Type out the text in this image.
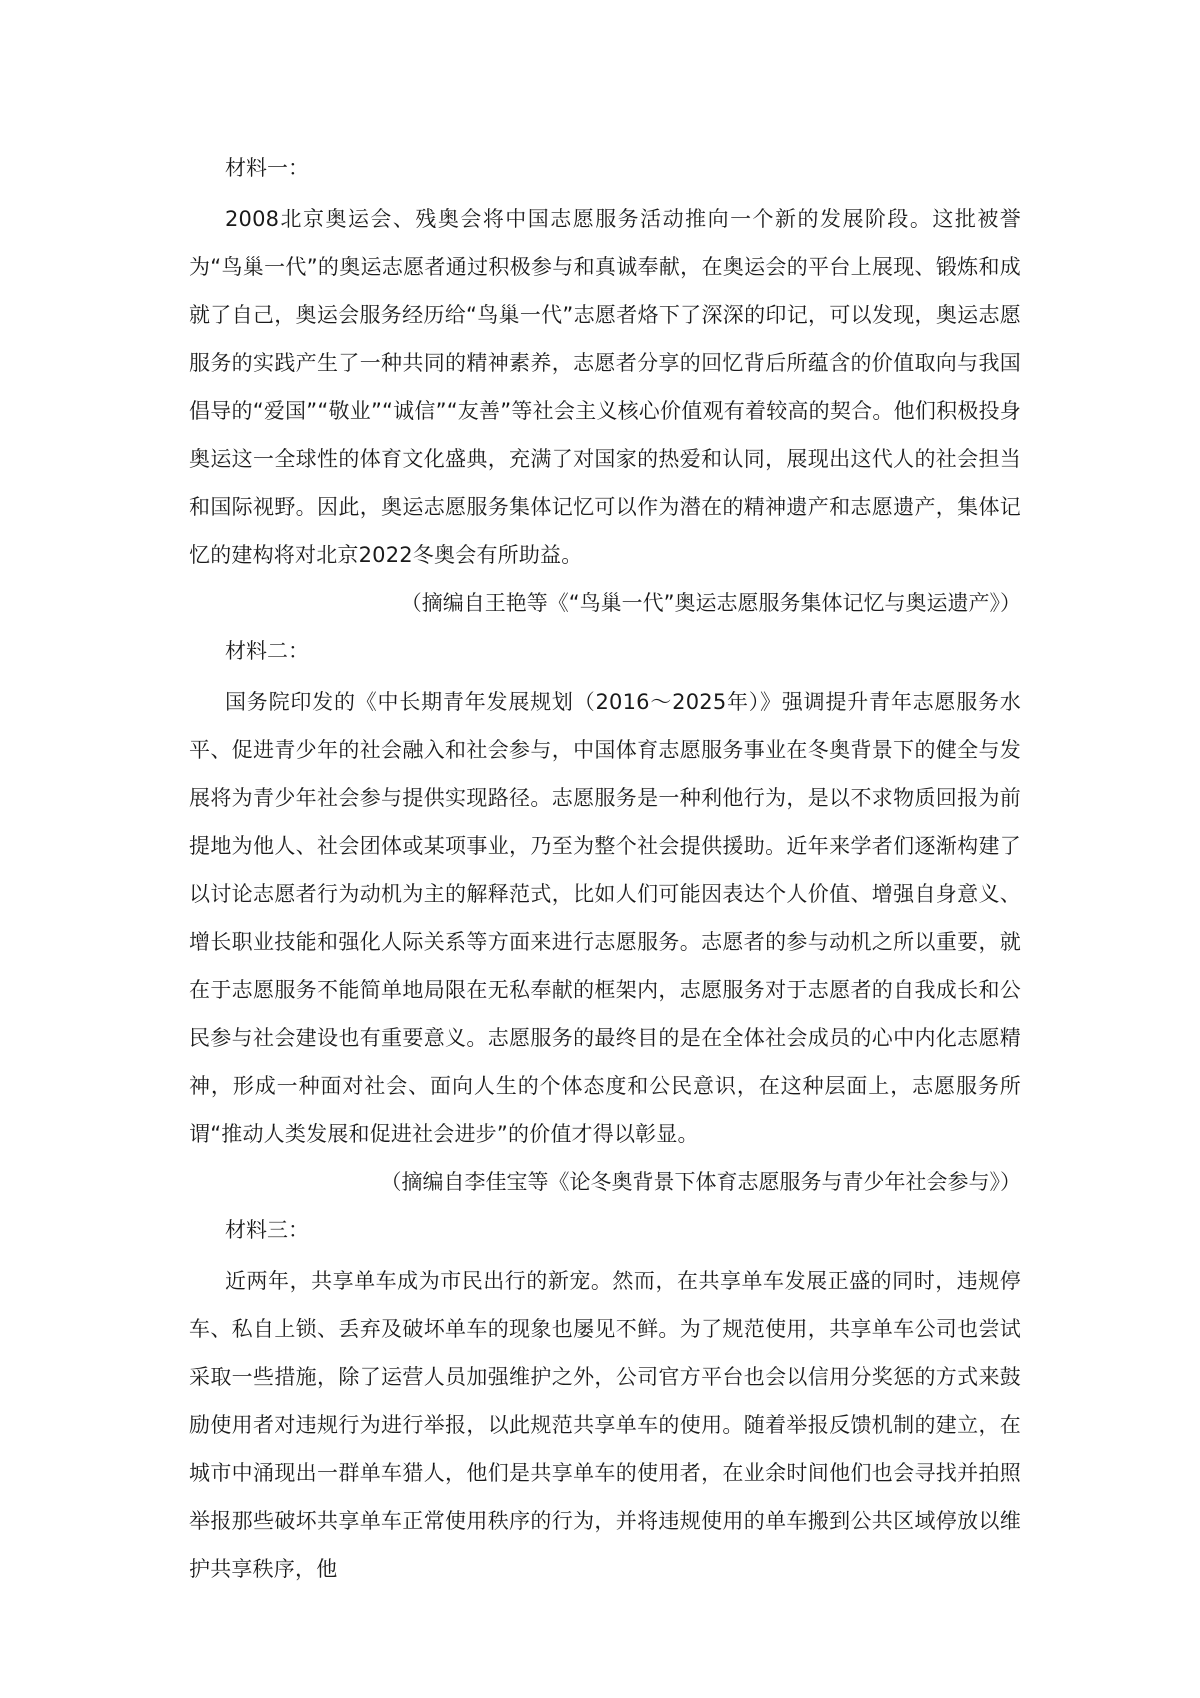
材料一：

2008北京奥运会、残奥会将中国志愿服务活动推向一个新的发展阶段。这批被誉为“鸟巢一代”的奥运志愿者通过积极参与和真诚奉献，在奥运会的平台上展现、锻炼和成就了自己，奥运会服务经历给“鸟巢一代”志愿者烙下了深深的印记，可以发现，奥运志愿服务的实践产生了一种共同的精神素养，志愿者分享的回忆背后所蕴含的价值取向与我国倡导的“爱国”“敬业”“诚信”“友善”等社会主义核心价值观有着较高的契合。他们积极投身奥运这一全球性的体育文化盛典，充满了对国家的热爱和认同，展现出这代人的社会担当和国际视野。因此，奥运志愿服务集体记忆可以作为潜在的精神遗产和志愿遗产，集体记忆的建构将对北京2022冬奥会有所助益。

（摘编自王艳等《“鸟巢一代”奥运志愿服务集体记忆与奥运遗产》）

材料二：

国务院印发的《中长期青年发展规划（2016～2025年）》强调提升青年志愿服务水平、促进青少年的社会融入和社会参与，中国体育志愿服务事业在冬奥背景下的健全与发展将为青少年社会参与提供实现路径。志愿服务是一种利他行为，是以不求物质回报为前提地为他人、社会团体或某项事业，乃至为整个社会提供援助。近年来学者们逐渐构建了以讨论志愿者行为动机为主的解释范式，比如人们可能因表达个人价值、增强自身意义、增长职业技能和强化人际关系等方面来进行志愿服务。志愿者的参与动机之所以重要，就在于志愿服务不能简单地局限在无私奉献的框架内，志愿服务对于志愿者的自我成长和公民参与社会建设也有重要意义。志愿服务的最终目的是在全体社会成员的心中内化志愿精神，形成一种面对社会、面向人生的个体态度和公民意识，在这种层面上，志愿服务所谓“推动人类发展和促进社会进步”的价值才得以彰显。

（摘编自李佳宝等《论冬奥背景下体育志愿服务与青少年社会参与》）

材料三：

近两年，共享单车成为市民出行的新宠。然而，在共享单车发展正盛的同时，违规停车、私自上锁、丢弃及破坏单车的现象也屡见不鲜。为了规范使用，共享单车公司也尝试采取一些措施，除了运营人员加强维护之外，公司官方平台也会以信用分奖惩的方式来鼓励使用者对违规行为进行举报，以此规范共享单车的使用。随着举报反馈机制的建立，在城市中涌现出一群单车猎人，他们是共享单车的使用者，在业余时间他们也会寻找并拍照举报那些破坏共享单车正常使用秩序的行为，并将违规使用的单车搬到公共区域停放以维护共享秩序，他
